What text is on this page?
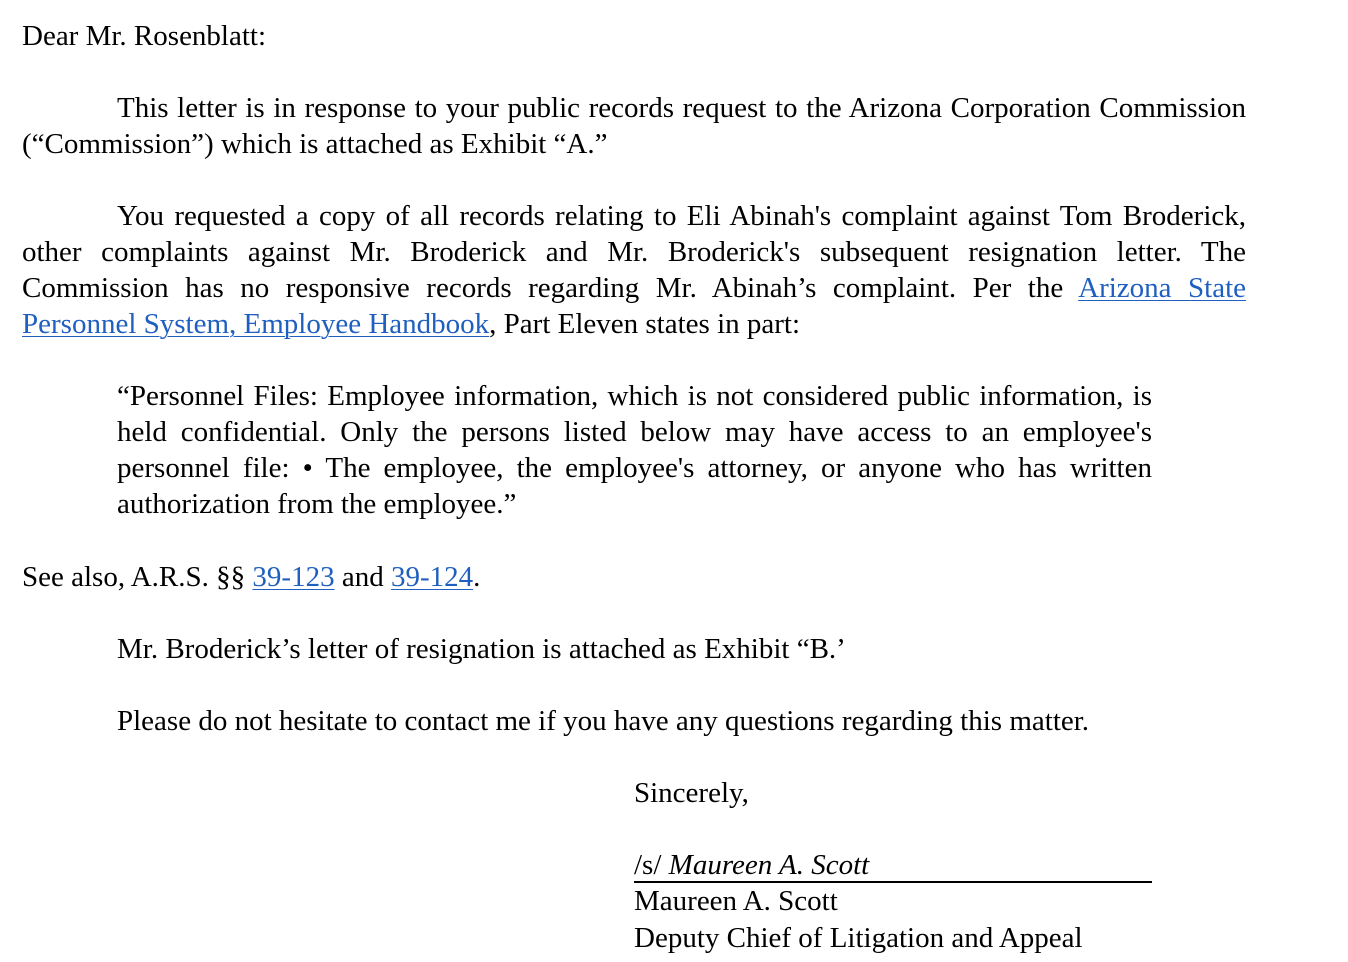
Dear Mr. Rosenblatt:
This letter is in response to your public records request to the Arizona Corporation Commission (“Commission”) which is attached as Exhibit “A.”
You requested a copy of all records relating to Eli Abinah's complaint against Tom Broderick, other complaints against Mr. Broderick and Mr. Broderick's subsequent resignation letter. The Commission has no responsive records regarding Mr. Abinah’s complaint. Per the Arizona State Personnel System, Employee Handbook, Part Eleven states in part:
“Personnel Files: Employee information, which is not considered public information, is held confidential. Only the persons listed below may have access to an employee's personnel file: • The employee, the employee's attorney, or anyone who has written authorization from the employee.”
See also, A.R.S. §§ 39-123 and 39-124.
Mr. Broderick’s letter of resignation is attached as Exhibit “B.’
Please do not hesitate to contact me if you have any questions regarding this matter.
Sincerely,
/s/ Maureen A. Scott
Maureen A. Scott
Deputy Chief of Litigation and Appeal
